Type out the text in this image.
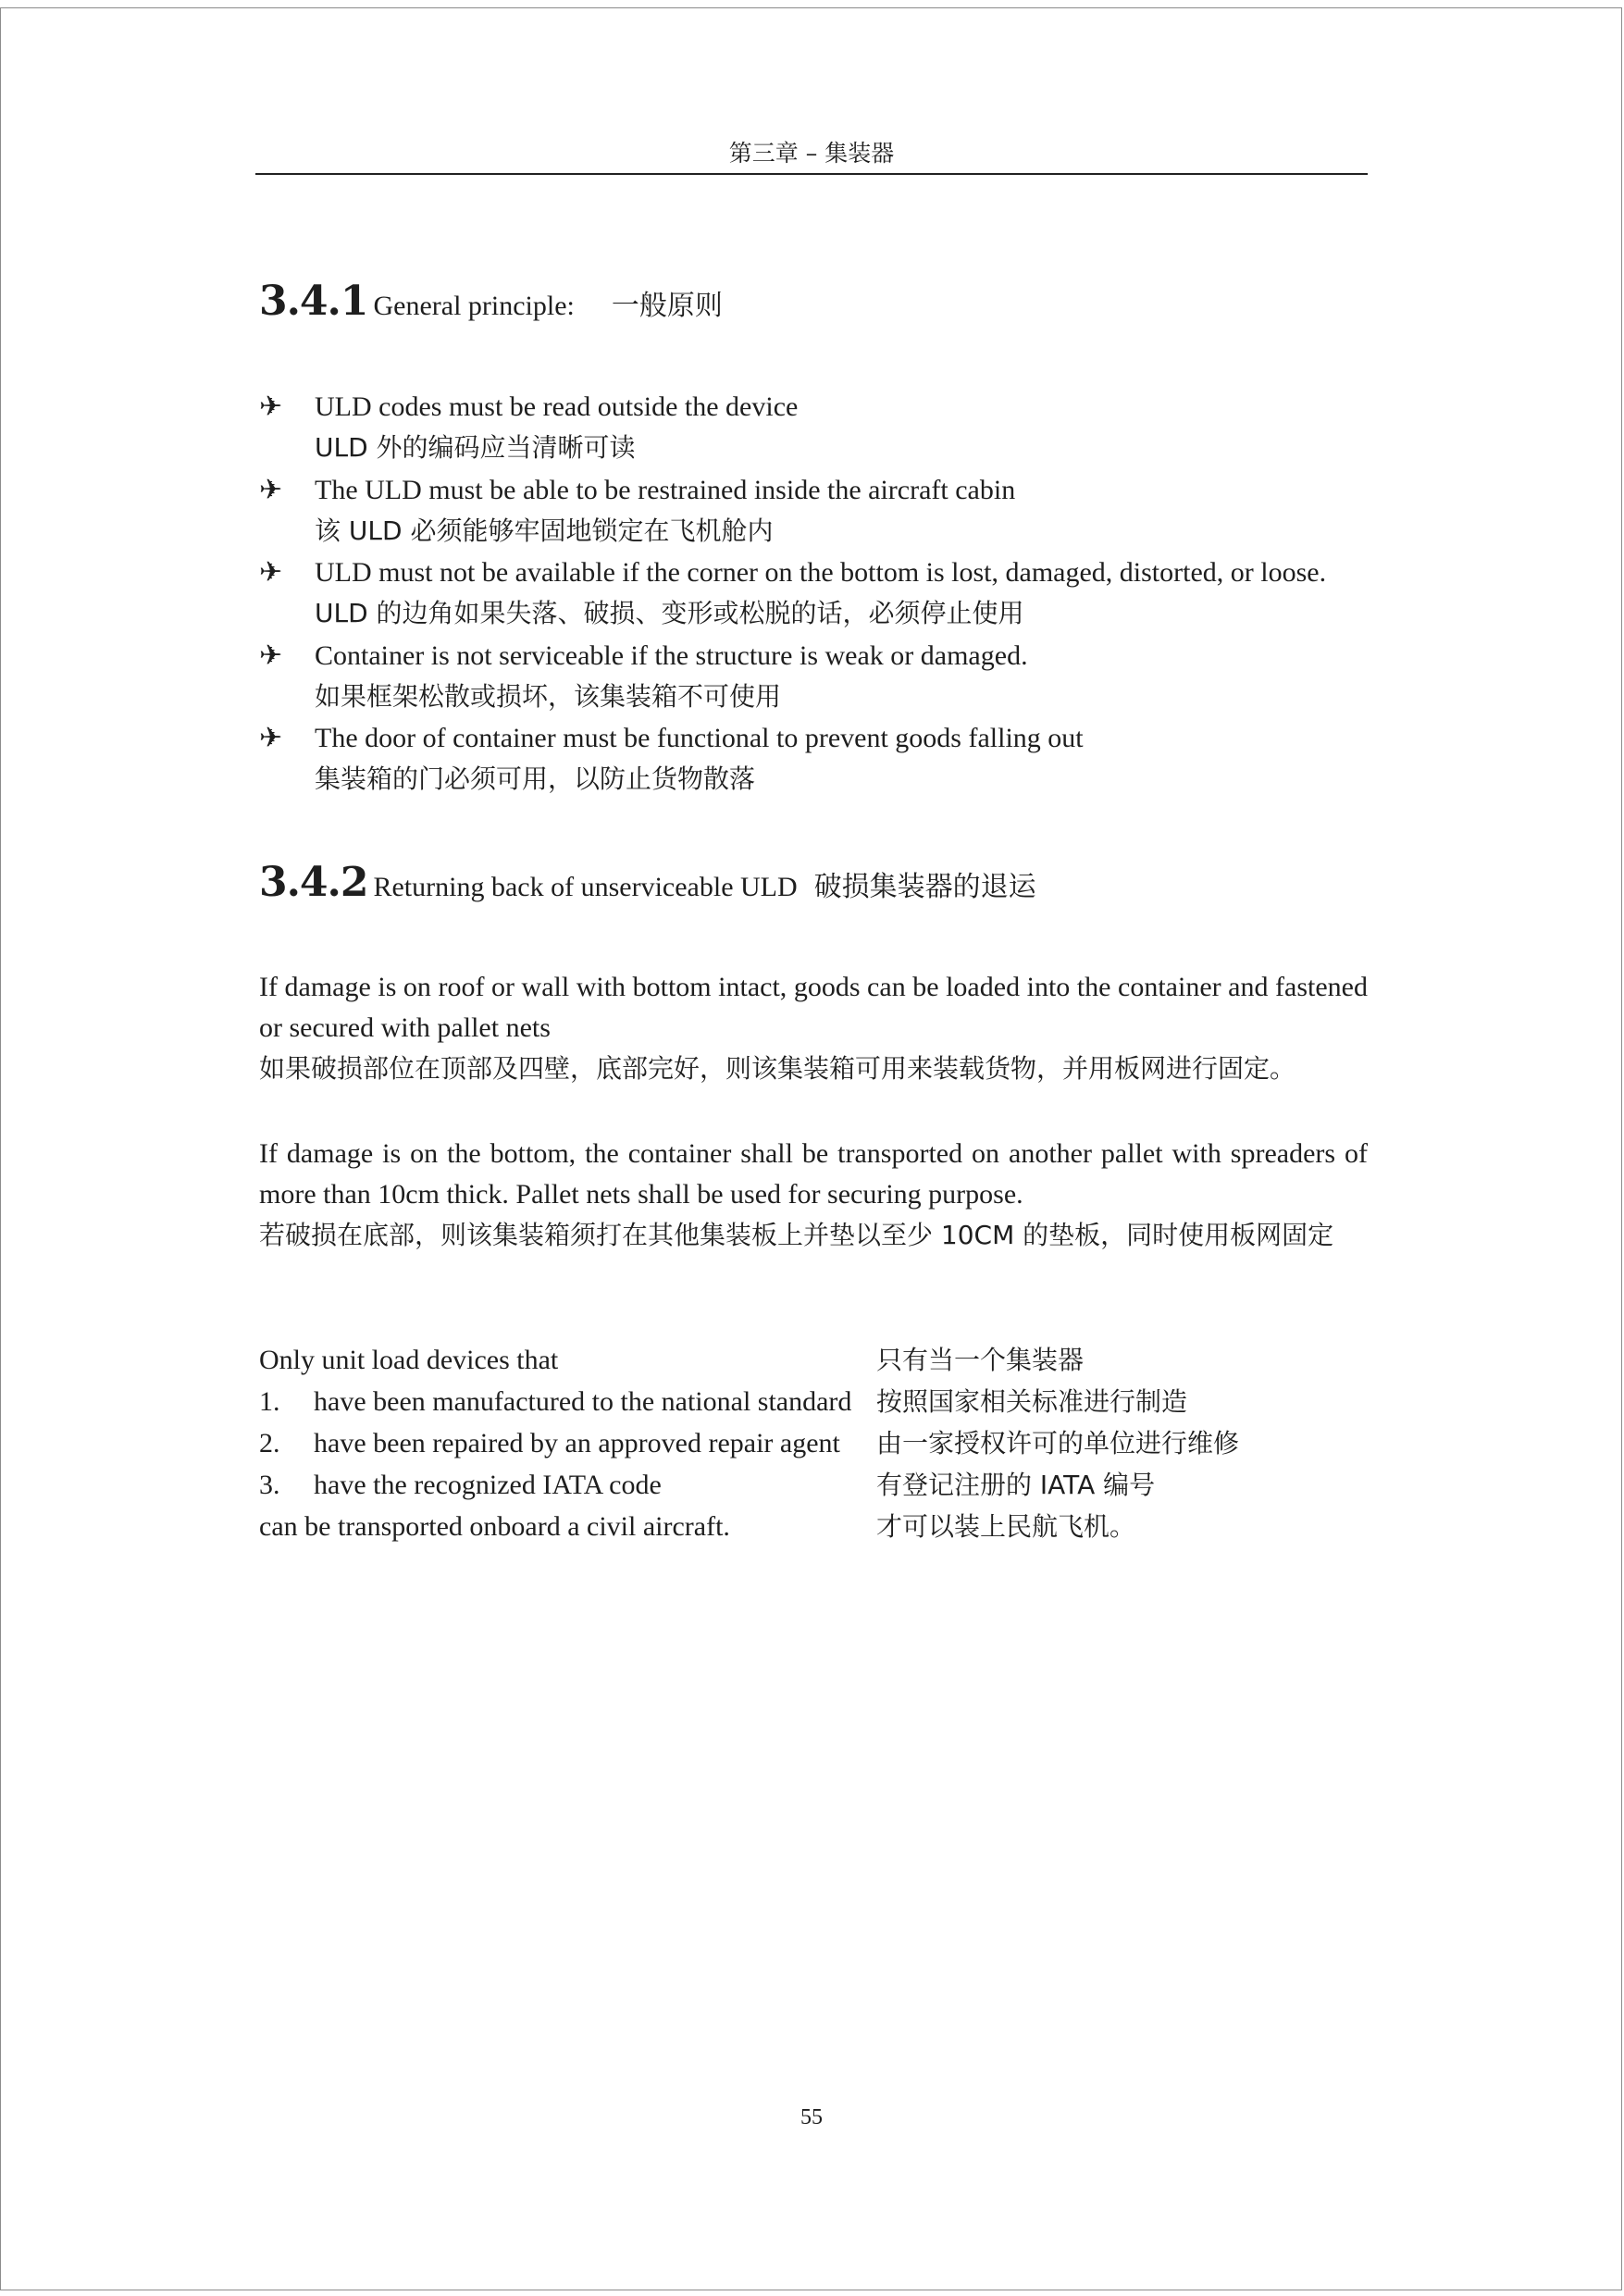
第三章 – 集装器
3.4.1 General principle: 一般原则
✈ ULD codes must be read outside the device
ULD 外的编码应当清晰可读
✈ The ULD must be able to be restrained inside the aircraft cabin
该 ULD 必须能够牢固地锁定在飞机舱内
✈ ULD must not be available if the corner on the bottom is lost, damaged, distorted, or loose.
ULD 的边角如果失落、破损、变形或松脱的话，必须停止使用
✈ Container is not serviceable if the structure is weak or damaged.
如果框架松散或损坏，该集装箱不可使用
✈ The door of container must be functional to prevent goods falling out
集装箱的门必须可用，以防止货物散落
3.4.2 Returning back of unserviceable ULD 破损集装器的退运
If damage is on roof or wall with bottom intact, goods can be loaded into the container and fastened or secured with pallet nets
如果破损部位在顶部及四壁，底部完好，则该集装箱可用来装载货物，并用板网进行固定。
If damage is on the bottom, the container shall be transported on another pallet with spreaders of more than 10cm thick. Pallet nets shall be used for securing purpose.
若破损在底部，则该集装箱须打在其他集装板上并垫以至少 10CM 的垫板，同时使用板网固定
Only unit load devices that	只有当一个集装器
1. have been manufactured to the national standard 按照国家相关标准进行制造
2. have been repaired by an approved repair agent 由一家授权许可的单位进行维修
3. have the recognized IATA code	有登记注册的 IATA 编号
can be transported onboard a civil aircraft.	才可以装上民航飞机。
55
